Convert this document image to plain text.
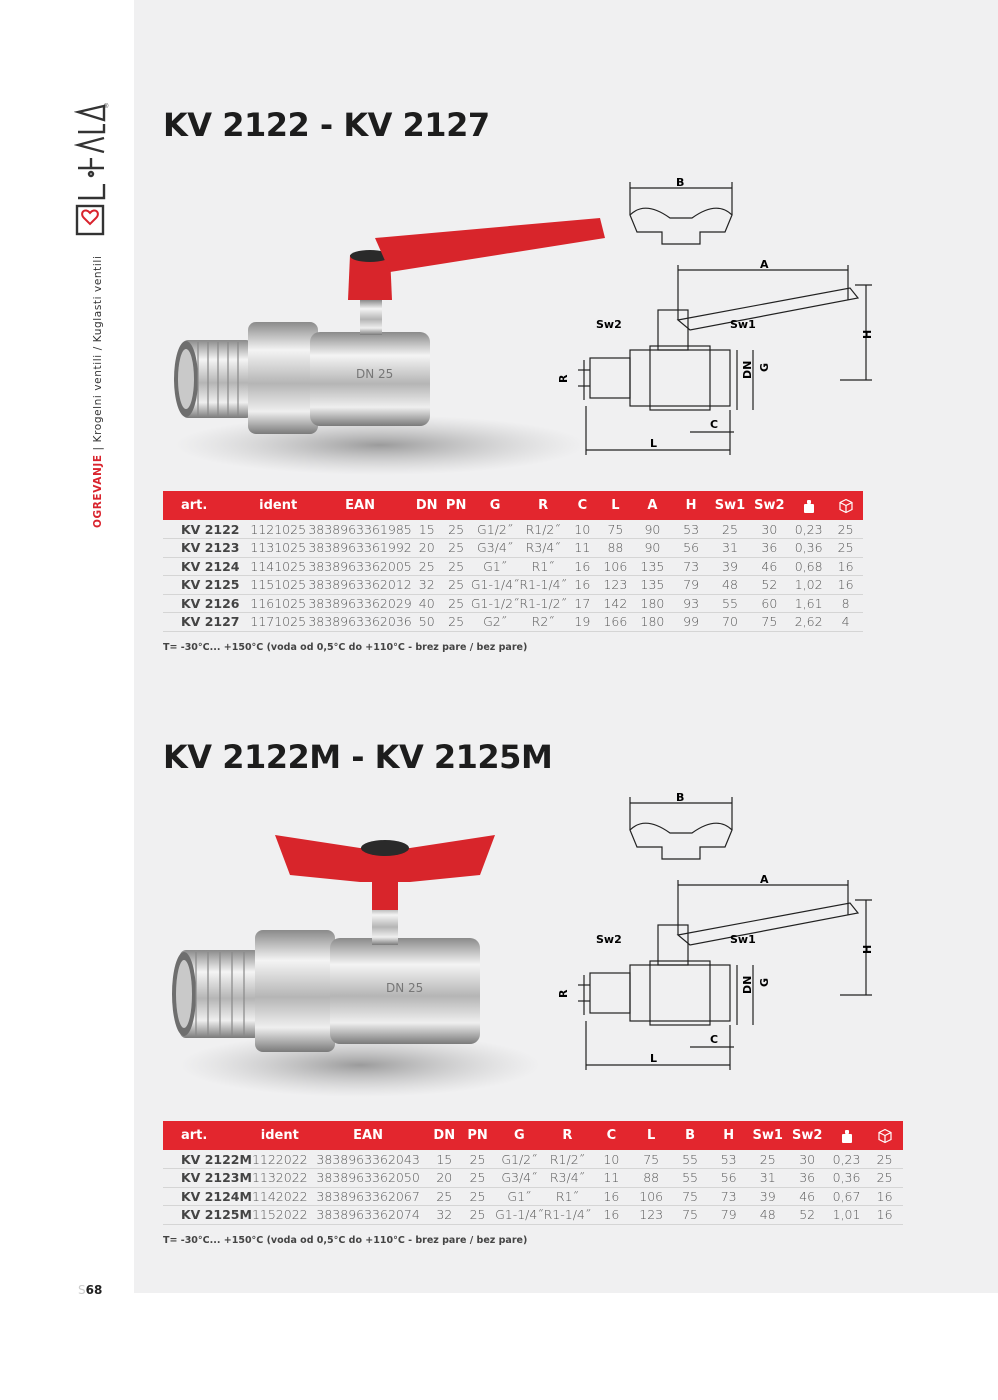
®
OGREVANJE | Krogelni ventili / Kuglasti ventili
KV 2122 - KV 2127
DN 25
B
A
Sw2	Sw1
H
DN G
R
C
L
art.	ident	EAN	DN	PN	G	R	C	L	A	H	Sw1	Sw2		
KV 2122	1121025	3838963361985	15	25	G1/2˝	R1/2˝	10	75	90	53	25	30	0,23	25
KV 2123	1131025	3838963361992	20	25	G3/4˝	R3/4˝	11	88	90	56	31	36	0,36	25
KV 2124	1141025	3838963362005	25	25	G1˝	R1˝	16	106	135	73	39	46	0,68	16
KV 2125	1151025	3838963362012	32	25	G1-1/4˝	R1-1/4˝	16	123	135	79	48	52	1,02	16
KV 2126	1161025	3838963362029	40	25	G1-1/2˝	R1-1/2˝	17	142	180	93	55	60	1,61	8
KV 2127	1171025	3838963362036	50	25	G2˝	R2˝	19	166	180	99	70	75	2,62	4
T= -30°C... +150°C (voda od 0,5°C do +110°C - brez pare / bez pare)
KV 2122M - KV 2125M
DN 25
B
A
Sw2	Sw1
H
DN G
R
C
L
art.	ident	EAN	DN	PN	G	R	C	L	B	H	Sw1	Sw2		
KV 2122M	1122022	3838963362043	15	25	G1/2˝	R1/2˝	10	75	55	53	25	30	0,23	25
KV 2123M	1132022	3838963362050	20	25	G3/4˝	R3/4˝	11	88	55	56	31	36	0,36	25
KV 2124M	1142022	3838963362067	25	25	G1˝	R1˝	16	106	75	73	39	46	0,67	16
KV 2125M	1152022	3838963362074	32	25	G1-1/4˝	R1-1/4˝	16	123	75	79	48	52	1,01	16
T= -30°C... +150°C (voda od 0,5°C do +110°C - brez pare / bez pare)
S68
